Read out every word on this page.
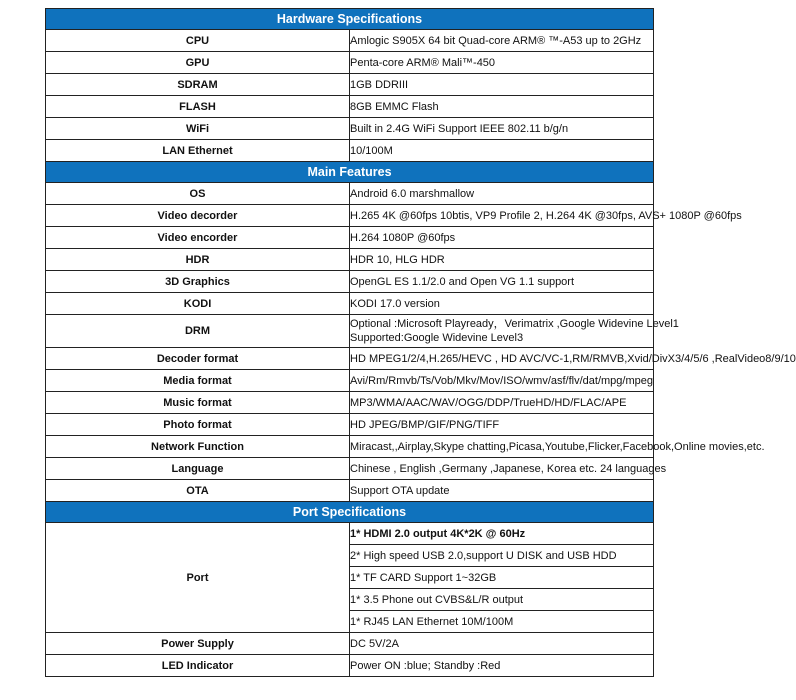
Hardware Specifications	
CPU	Amlogic S905X 64 bit Quad-core ARM® ™-A53 up to 2GHz
GPU	Penta-core ARM® Mali™-450
SDRAM	1GB DDRIII
FLASH	8GB EMMC Flash
WiFi	Built in 2.4G WiFi Support IEEE 802.11 b/g/n
LAN Ethernet	10/100M
Main Features	
OS	Android 6.0 marshmallow
Video decorder	H.265 4K @60fps 10btis, VP9 Profile 2, H.264 4K @30fps, AVS+ 1080P @60fps
Video encorder	H.264 1080P @60fps
HDR	HDR 10, HLG HDR
3D Graphics	OpenGL ES 1.1/2.0 and Open VG 1.1 support
KODI	KODI 17.0 version
DRM	Optional :Microsoft Playready，Verimatrix ,Google Widevine Level1
Supported:Google Widevine Level3

Decoder format	HD MPEG1/2/4,H.265/HEVC , HD AVC/VC-1,RM/RMVB,Xvid/DivX3/4/5/6 ,RealVideo8/9/10
Media format	Avi/Rm/Rmvb/Ts/Vob/Mkv/Mov/ISO/wmv/asf/flv/dat/mpg/mpeg
Music format	MP3/WMA/AAC/WAV/OGG/DDP/TrueHD/HD/FLAC/APE
Photo format	HD JPEG/BMP/GIF/PNG/TIFF
Network Function	Miracast,,Airplay,Skype chatting,Picasa,Youtube,Flicker,Facebook,Online movies,etc.
Language	Chinese , English ,Germany ,Japanese, Korea etc. 24 languages
OTA	Support OTA update
Port Specifications	
Port	1* HDMI 2.0 output 4K*2K @ 60Hz
	2* High speed USB 2.0,support U DISK and USB HDD
	1* TF CARD Support 1~32GB
	1* 3.5 Phone out CVBS&L/R output
	1* RJ45 LAN Ethernet 10M/100M
Power Supply	DC 5V/2A
LED Indicator	Power ON :blue; Standby :Red
